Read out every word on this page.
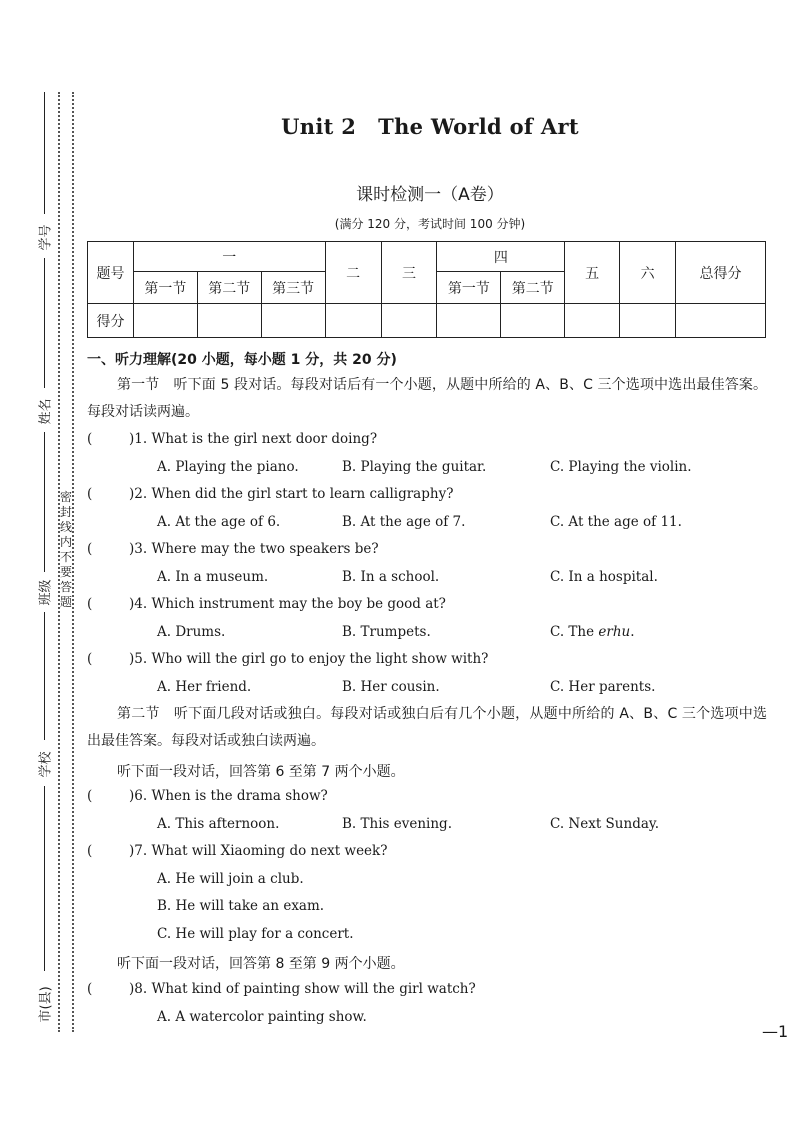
学号
姓名
班级
学校
市(县)
密封线内不要答题
Unit 2 The World of Art
课时检测一（A卷）
(满分 120 分，考试时间 100 分钟)
题号	一			二	三	四		五	六	总得分
	第一节	第二节	第三节			第一节	第二节			
得分										
一、听力理解(20 小题，每小题 1 分，共 20 分)
第一节　听下面 5 段对话。每段对话后有一个小题，从题中所给的 A、B、C 三个选项中选出最佳答案。每段对话读两遍。
(	)1. What is the girl next door doing?
A. Playing the piano.	B. Playing the guitar.	C. Playing the violin.
(	)2. When did the girl start to learn calligraphy?
A. At the age of 6.	B. At the age of 7.	C. At the age of 11.
(	)3. Where may the two speakers be?
A. In a museum.	B. In a school.	C. In a hospital.
(	)4. Which instrument may the boy be good at?
A. Drums.	B. Trumpets.	C. The erhu.
(	)5. Who will the girl go to enjoy the light show with?
A. Her friend.	B. Her cousin.	C. Her parents.
第二节　听下面几段对话或独白。每段对话或独白后有几个小题，从题中所给的 A、B、C 三个选项中选出最佳答案。每段对话或独白读两遍。
听下面一段对话，回答第 6 至第 7 两个小题。
(	)6. When is the drama show?
A. This afternoon.	B. This evening.	C. Next Sunday.
(	)7. What will Xiaoming do next week?
A. He will join a club.
B. He will take an exam.
C. He will play for a concert.
听下面一段对话，回答第 8 至第 9 两个小题。
(	)8. What kind of painting show will the girl watch?
A. A watercolor painting show.
—1
